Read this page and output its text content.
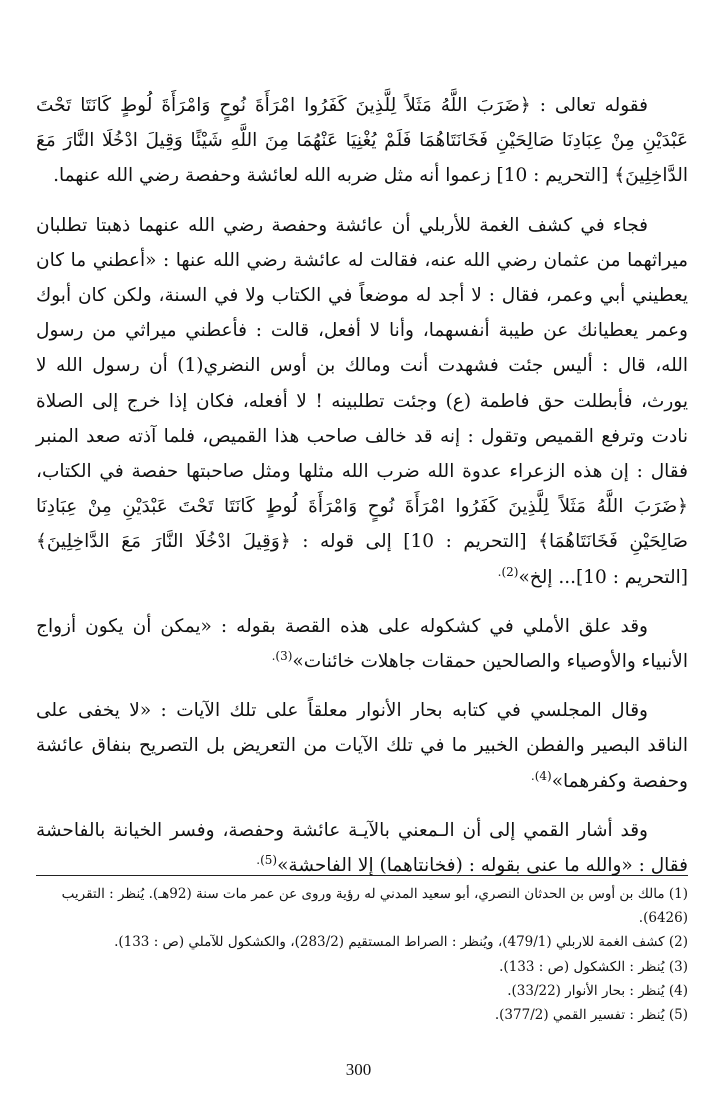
فقوله تعالى : ﴿ضَرَبَ اللَّهُ مَثَلاً لِلَّذِينَ كَفَرُوا امْرَأَةَ نُوحٍ وَامْرَأَةَ لُوطٍ كَانَتَا تَحْتَ عَبْدَيْنِ مِنْ عِبَادِنَا صَالِحَيْنِ فَخَانَتَاهُمَا فَلَمْ يُغْنِيَا عَنْهُمَا مِنَ اللَّهِ شَيْئًا وَقِيلَ ادْخُلَا النَّارَ مَعَ الدَّاخِلِينَ﴾ [التحريم : 10] زعموا أنه مثل ضربه الله لعائشة وحفصة رضي الله عنهما.

فجاء في كشف الغمة للأربلي أن عائشة وحفصة رضي الله عنهما ذهبتا تطلبان ميراثهما من عثمان رضي الله عنه، فقالت له عائشة رضي الله عنها : «أعطني ما كان يعطيني أبي وعمر، فقال : لا أجد له موضعاً في الكتاب ولا في السنة، ولكن كان أبوك وعمر يعطيانك عن طيبة أنفسهما، وأنا لا أفعل، قالت : فأعطني ميراثي من رسول الله، قال : أليس جئت فشهدت أنت ومالك بن أوس النضري(1) أن رسول الله لا يورث، فأبطلت حق فاطمة (ع) وجئت تطلبينه ! لا أفعله، فكان إذا خرج إلى الصلاة نادت وترفع القميص وتقول : إنه قد خالف صاحب هذا القميص، فلما آذته صعد المنبر فقال : إن هذه الزعراء عدوة الله ضرب الله مثلها ومثل صاحبتها حفصة في الكتاب، ﴿ضَرَبَ اللَّهُ مَثَلاً لِلَّذِينَ كَفَرُوا امْرَأَةَ نُوحٍ وَامْرَأَةَ لُوطٍ كَانَتَا تَحْتَ عَبْدَيْنِ مِنْ عِبَادِنَا صَالِحَيْنِ فَخَانَتَاهُمَا﴾ [التحريم : 10] إلى قوله : ﴿وَقِيلَ ادْخُلَا النَّارَ مَعَ الدَّاخِلِينَ﴾ [التحريم : 10]... إلخ»$^{(2).}$

وقد علق الأملي في كشكوله على هذه القصة بقوله : «يمكن أن يكون أزواج الأنبياء والأوصياء والصالحين حمقات جاهلات خائنات»$^{(3).}$

وقال المجلسي في كتابه بحار الأنوار معلقاً على تلك الآيات : «لا يخفى على الناقد البصير والفطن الخبير ما في تلك الآيات من التعريض بل التصريح بنفاق عائشة وحفصة وكفرهما»$^{(4).}$

وقد أشار القمي إلى أن الـمعني بالآيـة عائشة وحفصة، وفسر الخيانة بالفاحشة فقال : «والله ما عنى بقوله : (فخانتاهما) إلا الفاحشة»$^{(5).}$

(1) مالك بن أوس بن الحدثان النصري، أبو سعيد المدني له رؤية وروى عن عمر مات سنة (92هـ). يُنظر : التقريب (6426).

(2) كشف الغمة للاربلي (479/1)، ويُنظر : الصراط المستقيم (283/2)، والكشكول للآملي (ص : 133).

(3) يُنظر : الكشكول (ص : 133).

(4) يُنظر : بحار الأنوار (33/22).

(5) يُنظر : تفسير القمي (377/2).

300
